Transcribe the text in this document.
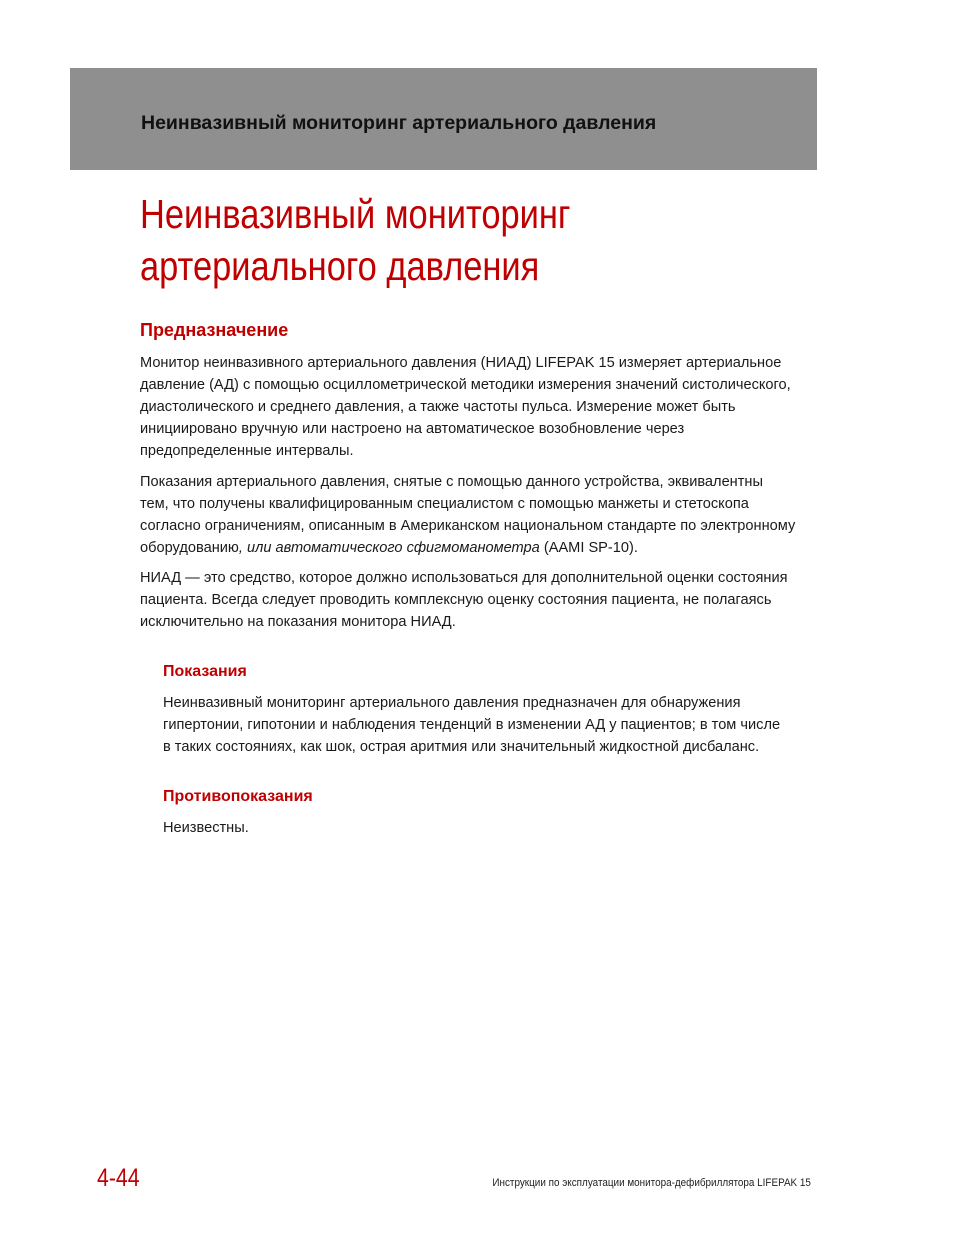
Неинвазивный мониторинг артериального давления
Неинвазивный мониторинг
артериального давления
Предназначение
Монитор неинвазивного артериального давления (НИАД) LIFEPAK 15 измеряет артериальное
давление (АД) с помощью осциллометрической методики измерения значений систолического,
диастолического и среднего давления, а также частоты пульса. Измерение может быть
инициировано вручную или настроено на автоматическое возобновление через
предопределенные интервалы.
Показания артериального давления, снятые с помощью данного устройства, эквивалентны
тем, что получены квалифицированным специалистом с помощью манжеты и стетоскопа
согласно ограничениям, описанным в Американском национальном стандарте по электронному
оборудованию, или автоматического сфигмоманометра (AAMI SP-10).
НИАД — это средство, которое должно использоваться для дополнительной оценки состояния
пациента. Всегда следует проводить комплексную оценку состояния пациента, не полагаясь
исключительно на показания монитора НИАД.
Показания
Неинвазивный мониторинг артериального давления предназначен для обнаружения
гипертонии, гипотонии и наблюдения тенденций в изменении АД у пациентов; в том числе
в таких состояниях, как шок, острая аритмия или значительный жидкостной дисбаланс.
Противопоказания
Неизвестны.
4-44	Инструкции по эксплуатации монитора-дефибриллятора LIFEPAK 15
